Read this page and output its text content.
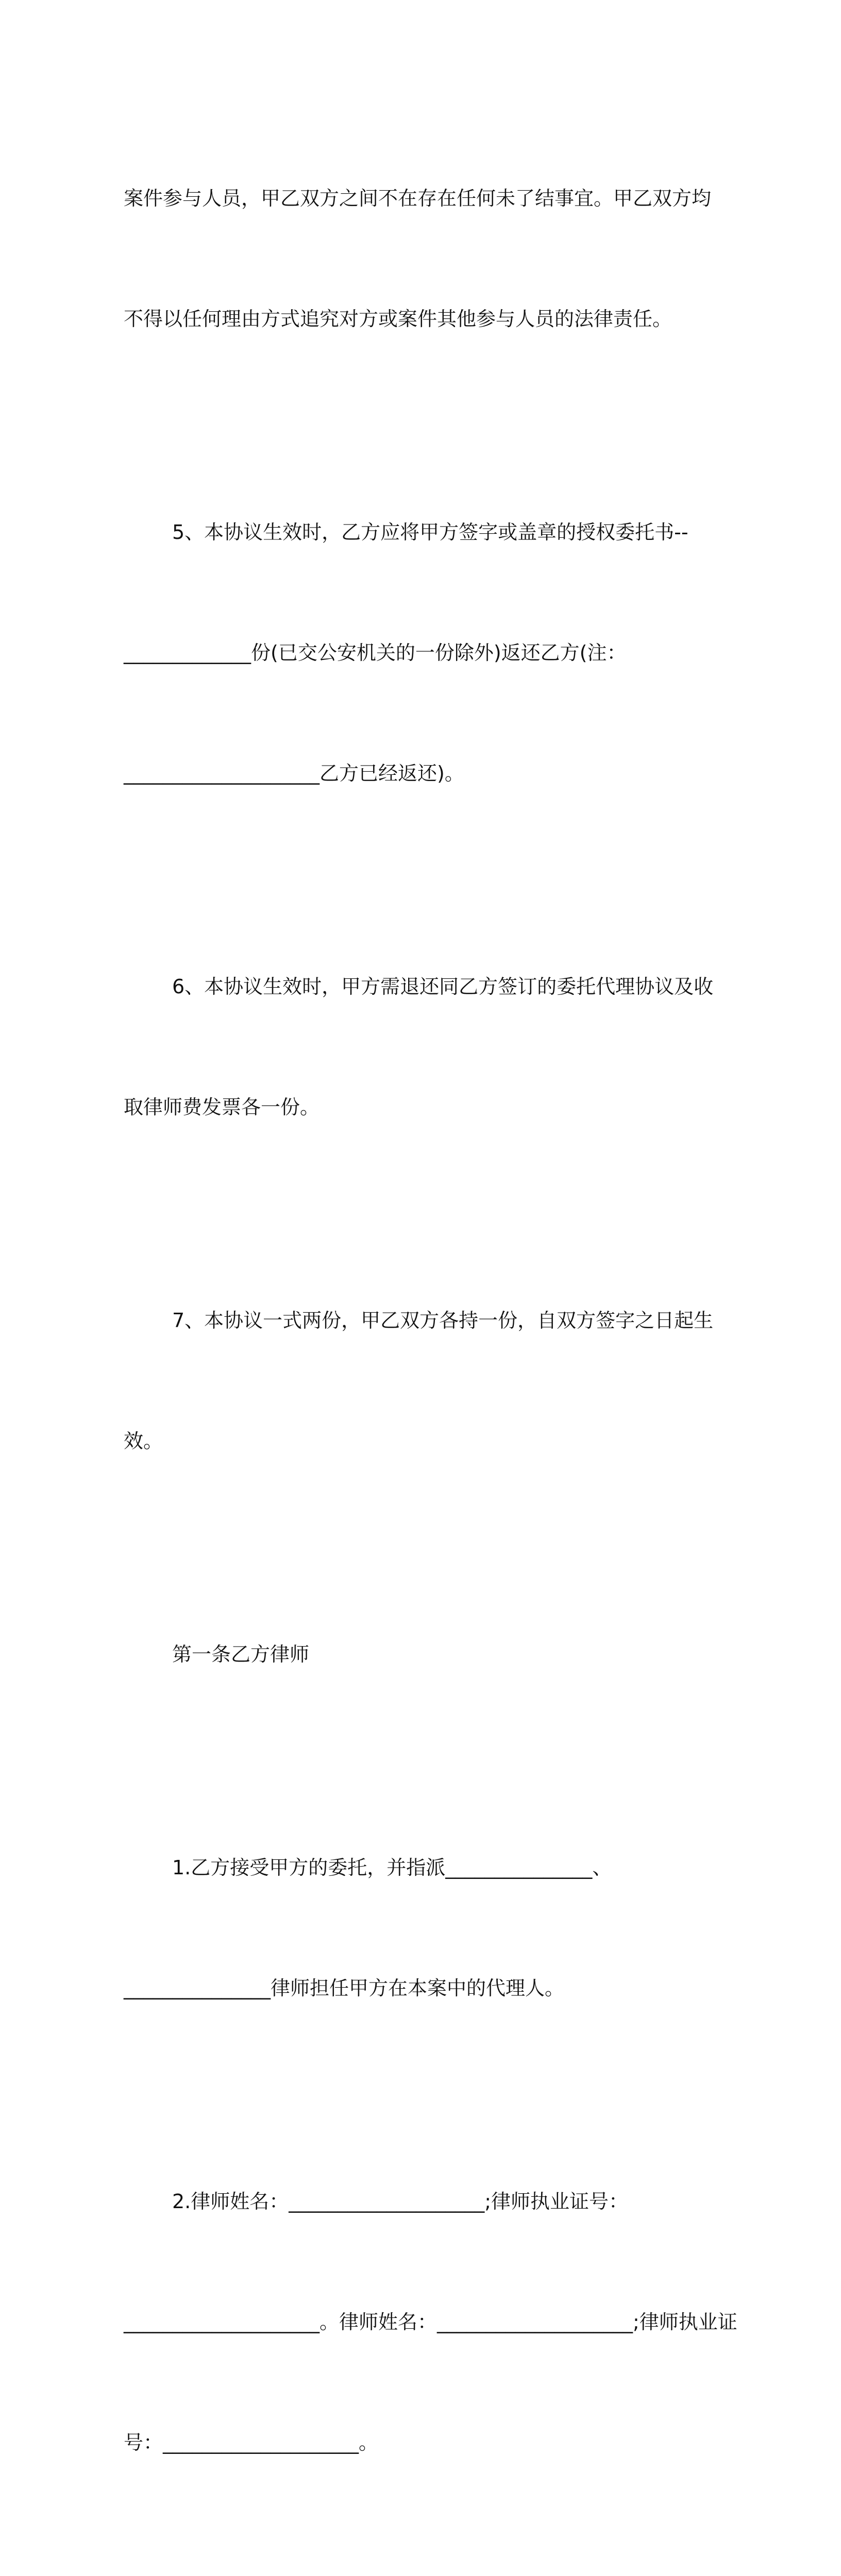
案件参与人员，甲乙双方之间不在存在任何未了结事宜。甲乙双方均

不得以任何理由方式追究对方或案件其他参与人员的法律责任。

5、本协议生效时，乙方应将甲方签字或盖章的授权委托书--

_____________份(已交公安机关的一份除外)返还乙方(注：

____________________乙方已经返还)。

6、本协议生效时，甲方需退还同乙方签订的委托代理协议及收

取律师费发票各一份。

7、本协议一式两份，甲乙双方各持一份，自双方签字之日起生

效。

第一条乙方律师

1.乙方接受甲方的委托，并指派_______________、

_______________律师担任甲方在本案中的代理人。

2.律师姓名：____________________;律师执业证号：

____________________。律师姓名：____________________;律师执业证

号：____________________。
